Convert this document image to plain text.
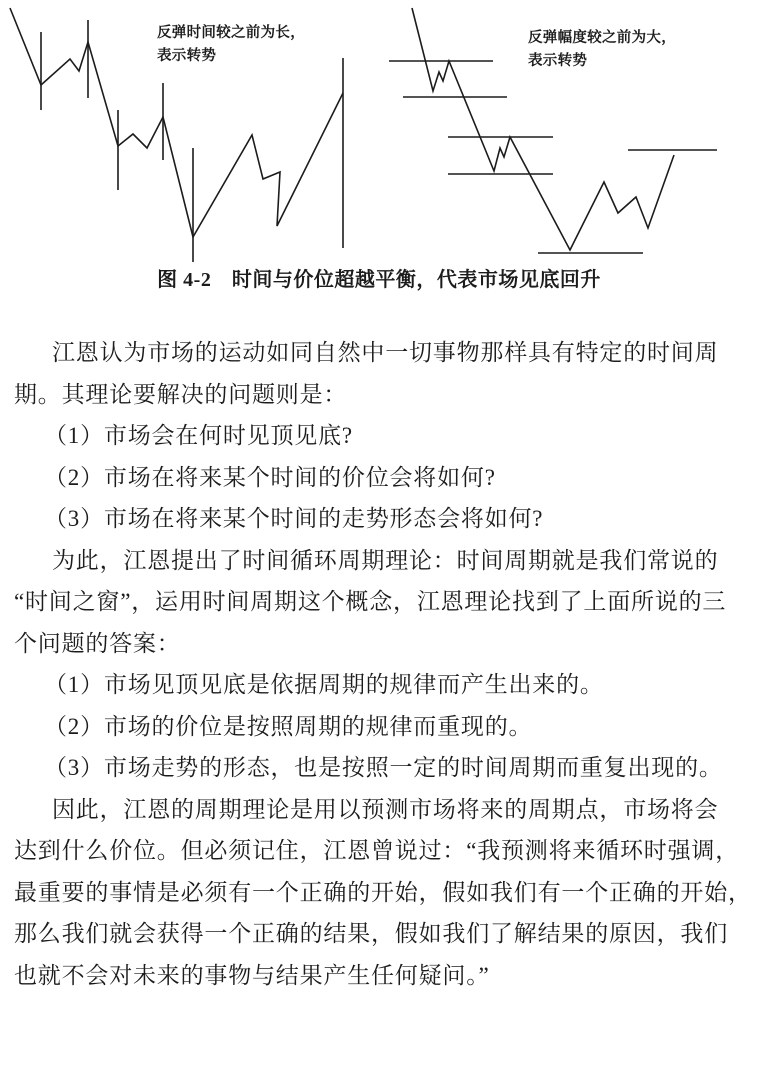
反弹时间较之前为长，
表示转势
反弹幅度较之前为大，
表示转势
图 4-2　时间与价位超越平衡，代表市场见底回升
江恩认为市场的运动如同自然中一切事物那样具有特定的时间周
期。其理论要解决的问题则是：
（1）市场会在何时见顶见底?
（2）市场在将来某个时间的价位会将如何?
（3）市场在将来某个时间的走势形态会将如何?
为此，江恩提出了时间循环周期理论：时间周期就是我们常说的
“时间之窗”，运用时间周期这个概念，江恩理论找到了上面所说的三
个问题的答案：
（1）市场见顶见底是依据周期的规律而产生出来的。
（2）市场的价位是按照周期的规律而重现的。
（3）市场走势的形态，也是按照一定的时间周期而重复出现的。
因此，江恩的周期理论是用以预测市场将来的周期点，市场将会
达到什么价位。但必须记住，江恩曾说过：“我预测将来循环时强调，
最重要的事情是必须有一个正确的开始，假如我们有一个正确的开始，
那么我们就会获得一个正确的结果，假如我们了解结果的原因，我们
也就不会对未来的事物与结果产生任何疑问。”
